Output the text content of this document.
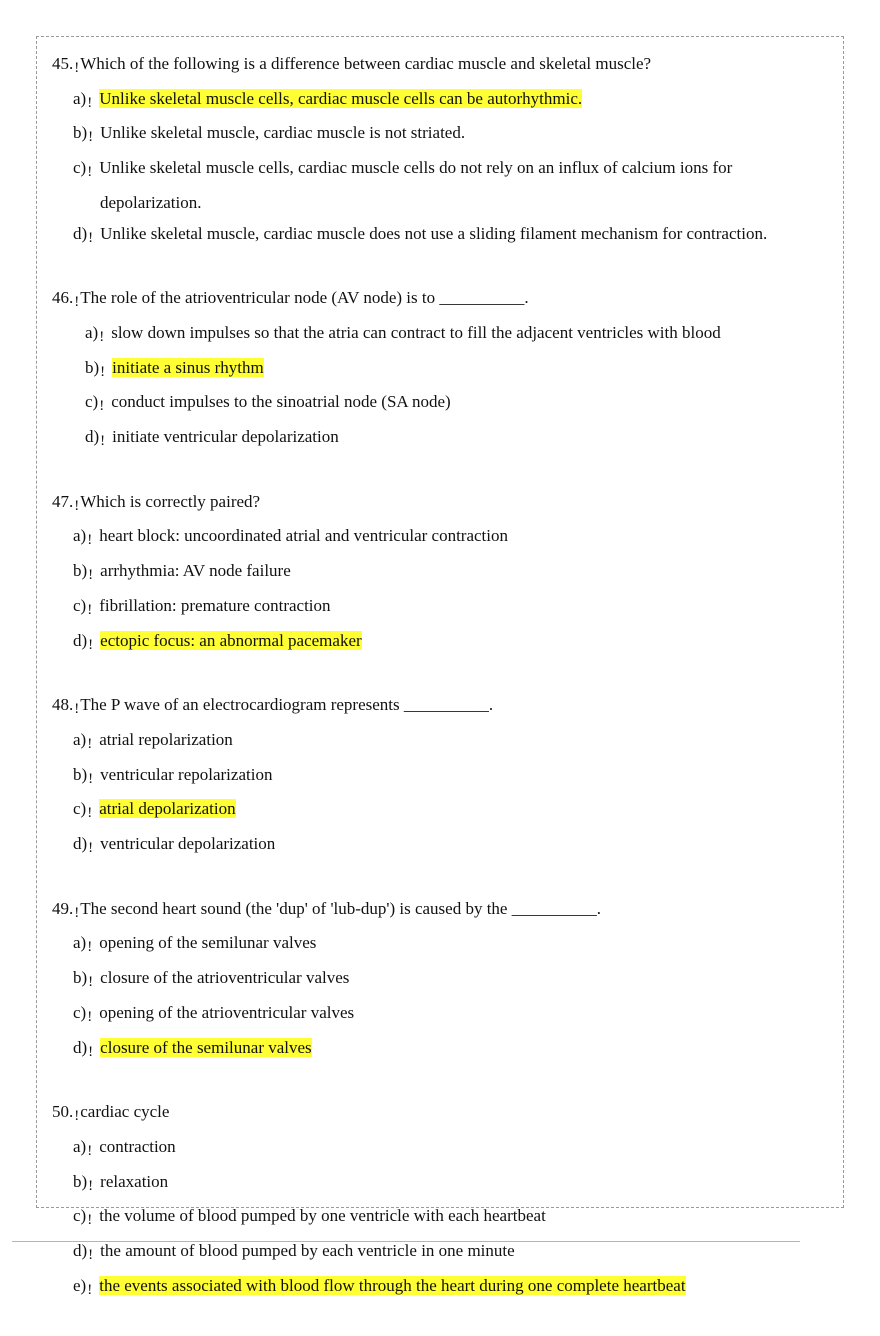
45.!Which of the following is a difference between cardiac muscle and skeletal muscle?
a)! Unlike skeletal muscle cells, cardiac muscle cells can be autorhythmic.
b)! Unlike skeletal muscle, cardiac muscle is not striated.
c)! Unlike skeletal muscle cells, cardiac muscle cells do not rely on an influx of calcium ions for
depolarization.
d)! Unlike skeletal muscle, cardiac muscle does not use a sliding filament mechanism for contraction.
46.!The role of the atrioventricular node (AV node) is to __________.
a)! slow down impulses so that the atria can contract to fill the adjacent ventricles with blood
b)! initiate a sinus rhythm
c)! conduct impulses to the sinoatrial node (SA node)
d)! initiate ventricular depolarization
47.!Which is correctly paired?
a)! heart block: uncoordinated atrial and ventricular contraction
b)! arrhythmia: AV node failure
c)! fibrillation: premature contraction
d)! ectopic focus: an abnormal pacemaker
48.!The P wave of an electrocardiogram represents __________.
a)! atrial repolarization
b)! ventricular repolarization
c)! atrial depolarization
d)! ventricular depolarization
49.!The second heart sound (the 'dup' of 'lub-dup') is caused by the __________.
a)! opening of the semilunar valves
b)! closure of the atrioventricular valves
c)! opening of the atrioventricular valves
d)! closure of the semilunar valves
50.!cardiac cycle
a)! contraction
b)! relaxation
c)! the volume of blood pumped by one ventricle with each heartbeat
d)! the amount of blood pumped by each ventricle in one minute
e)! the events associated with blood flow through the heart during one complete heartbeat
